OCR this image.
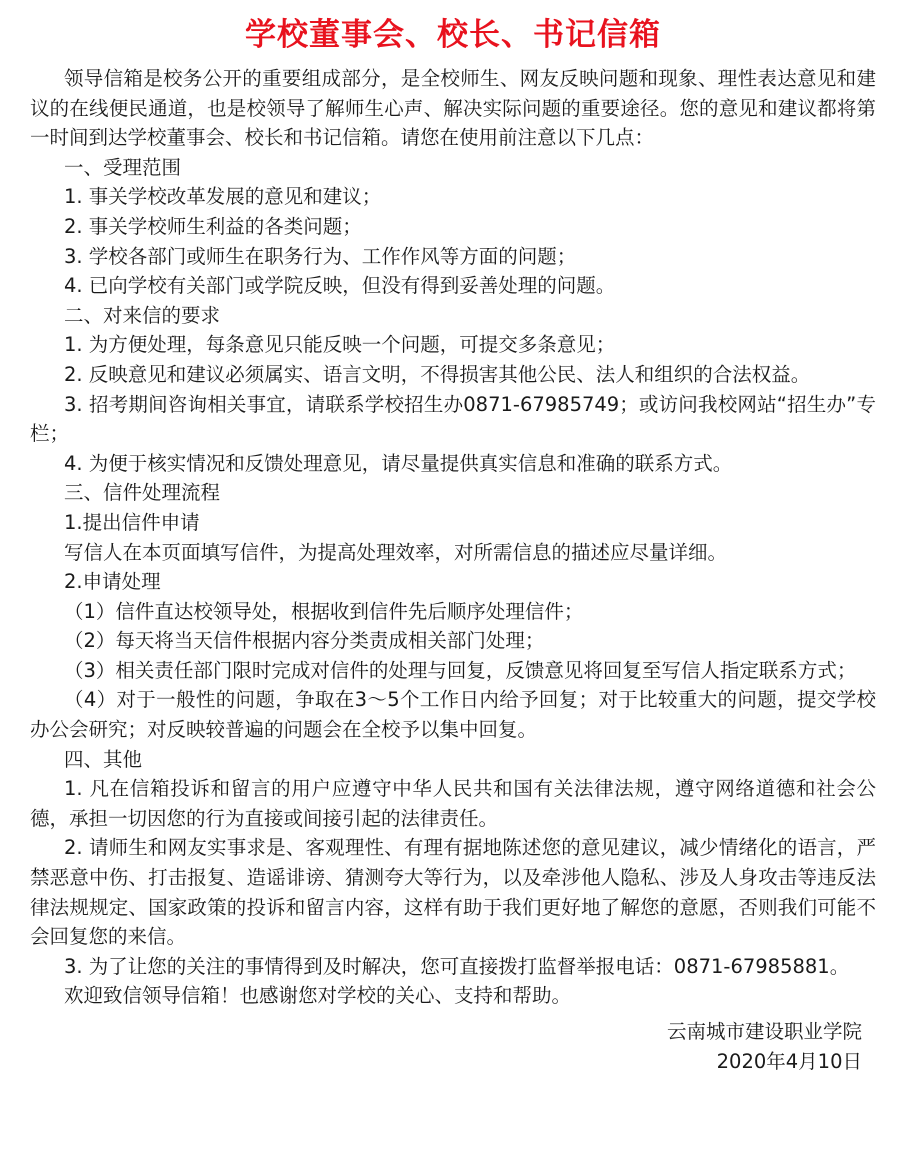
学校董事会、校长、书记信箱

领导信箱是校务公开的重要组成部分，是全校师生、网友反映问题和现象、理性表达意见和建议的在线便民通道，也是校领导了解师生心声、解决实际问题的重要途径。您的意见和建议都将第一时间到达学校董事会、校长和书记信箱。请您在使用前注意以下几点：

一、受理范围

1. 事关学校改革发展的意见和建议；

2. 事关学校师生利益的各类问题；

3. 学校各部门或师生在职务行为、工作作风等方面的问题；

4. 已向学校有关部门或学院反映，但没有得到妥善处理的问题。

二、对来信的要求

1. 为方便处理，每条意见只能反映一个问题，可提交多条意见；

2. 反映意见和建议必须属实、语言文明，不得损害其他公民、法人和组织的合法权益。

3. 招考期间咨询相关事宜，请联系学校招生办0871-67985749；或访问我校网站“招生办”专栏；

4. 为便于核实情况和反馈处理意见，请尽量提供真实信息和准确的联系方式。

三、信件处理流程

1.提出信件申请

写信人在本页面填写信件，为提高处理效率，对所需信息的描述应尽量详细。

2.申请处理

（1）信件直达校领导处，根据收到信件先后顺序处理信件；

（2）每天将当天信件根据内容分类责成相关部门处理；

（3）相关责任部门限时完成对信件的处理与回复，反馈意见将回复至写信人指定联系方式；

（4）对于一般性的问题，争取在3～5个工作日内给予回复；对于比较重大的问题，提交学校办公会研究；对反映较普遍的问题会在全校予以集中回复。

四、其他

1. 凡在信箱投诉和留言的用户应遵守中华人民共和国有关法律法规，遵守网络道德和社会公德，承担一切因您的行为直接或间接引起的法律责任。

2. 请师生和网友实事求是、客观理性、有理有据地陈述您的意见建议，减少情绪化的语言，严禁恶意中伤、打击报复、造谣诽谤、猜测夸大等行为，以及牵涉他人隐私、涉及人身攻击等违反法律法规规定、国家政策的投诉和留言内容，这样有助于我们更好地了解您的意愿，否则我们可能不会回复您的来信。

3. 为了让您的关注的事情得到及时解决，您可直接拨打监督举报电话：0871-67985881。

欢迎致信领导信箱！也感谢您对学校的关心、支持和帮助。

云南城市建设职业学院

2020年4月10日
